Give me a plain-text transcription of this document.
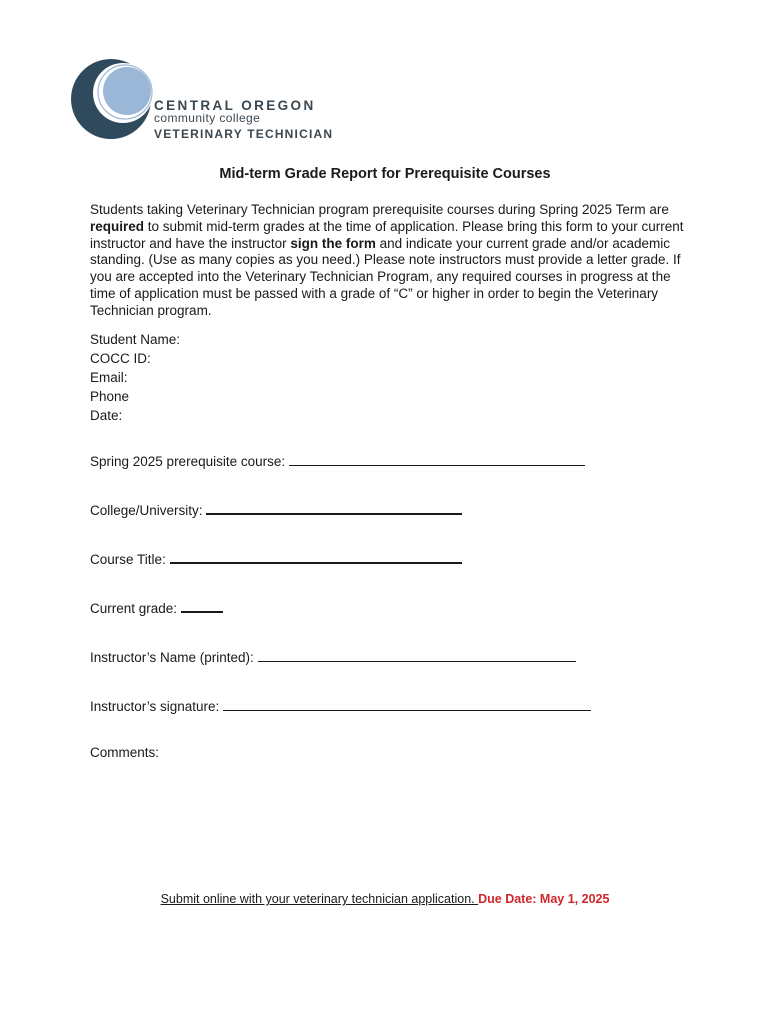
CENTRAL OREGON
community college
VETERINARY TECHNICIAN
Mid-term Grade Report for Prerequisite Courses
Students taking Veterinary Technician program prerequisite courses during Spring 2025 Term are required to submit mid-term grades at the time of application. Please bring this form to your current instructor and have the instructor sign the form and indicate your current grade and/or academic standing. (Use as many copies as you need.) Please note instructors must provide a letter grade. If you are accepted into the Veterinary Technician Program, any required courses in progress at the time of application must be passed with a grade of “C” or higher in order to begin the Veterinary Technician program.
Student Name:
COCC ID:
Email:
Phone
Date:
Spring 2025 prerequisite course:
College/University:
Course Title:
Current grade:
Instructor’s Name (printed):
Instructor’s signature:
Comments:
Submit online with your veterinary technician application. Due Date: May 1, 2025
